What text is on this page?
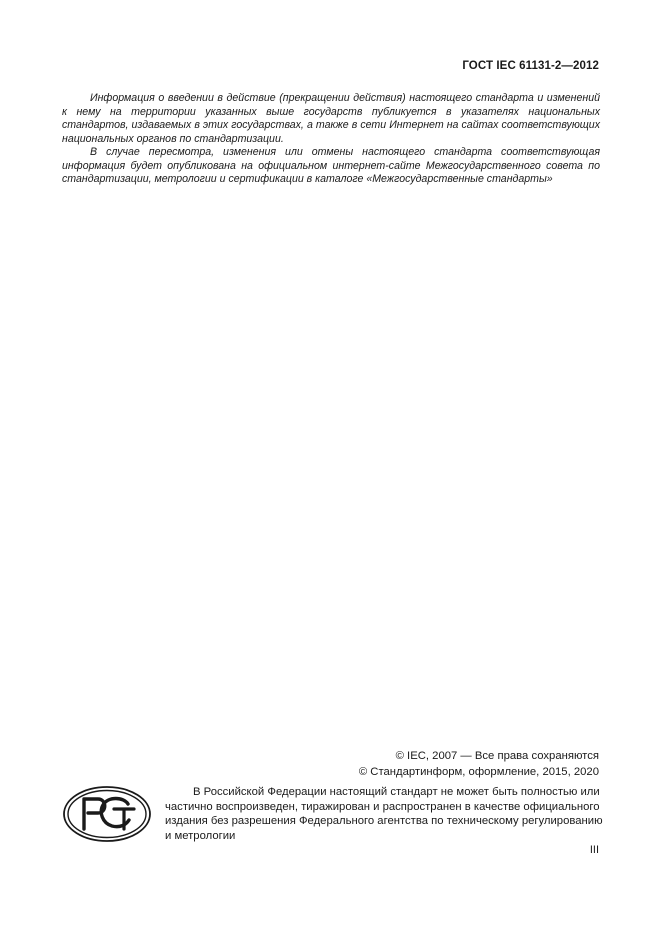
ГОСТ IEC 61131-2—2012

Информация о введении в действие (прекращении действия) настоящего стандарта и изменений к нему на территории указанных выше государств публикуется в указателях национальных стандартов, издаваемых в этих государствах, а также в сети Интернет на сайтах соответствующих национальных органов по стандартизации.

В случае пересмотра, изменения или отмены настоящего стандарта соответствующая информация будет опубликована на официальном интернет-сайте Межгосударственного совета по стандартизации, метрологии и сертификации в каталоге «Межгосударственные стандарты»

© IEC, 2007 — Все права сохраняются
© Стандартинформ, оформление, 2015, 2020

В Российской Федерации настоящий стандарт не может быть полностью или частично воспроизведен, тиражирован и распространен в качестве официального издания без разрешения Федерального агентства по техническому регулированию и метрологии

III
